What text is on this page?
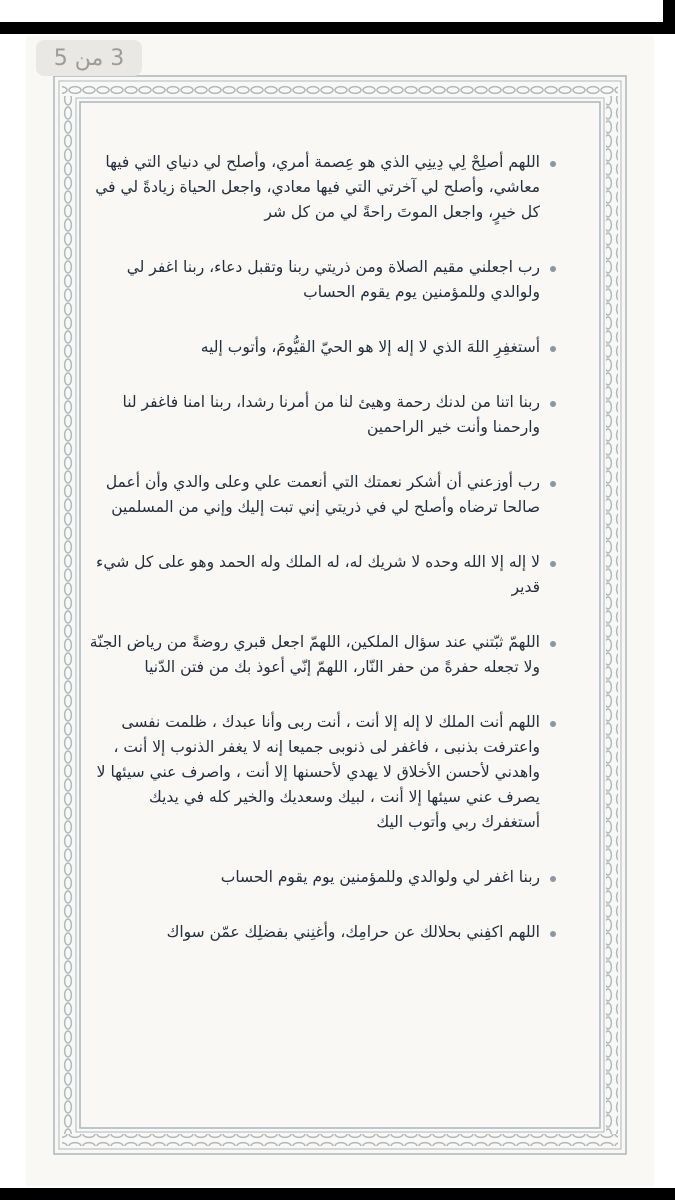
3 من 5
اللهم أصلِحْ لِي دِينِي الذي هو عِصمة أمري، وأصلح لي دنياي التي فيها معاشي، وأصلح لي آخرتي التي فيها معادي، واجعل الحياة زيادةً لي في كل خيرٍ، واجعل الموتَ راحةً لي من كل شر
رب اجعلني مقيم الصلاة ومن ذريتي ربنا وتقبل دعاء، ربنا اغفر لي ولوالدي وللمؤمنين يوم يقوم الحساب
أستغفِرِ اللهَ الذي لا إله إلا هو الحيّ القيُّومَ، وأتوب إليه
ربنا اتنا من لدنك رحمة وهيئ لنا من أمرنا رشدا، ربنا امنا فاغفر لنا وارحمنا وأنت خير الراحمين
رب أوزعني أن أشكر نعمتك التي أنعمت علي وعلى والدي وأن أعمل صالحا ترضاه وأصلح لي في ذريتي إني تبت إليك وإني من المسلمين
لا إله إلا الله وحده لا شريك له، له الملك وله الحمد وهو على كل شيء قدير
اللهمّ ثبّتني عند سؤال الملكين، اللهمّ اجعل قبري روضةً من رياض الجنّة ولا تجعله حفرةً من حفر النّار، اللهمّ إنّي أعوذ بك من فتن الدّنيا
اللهم أنت الملك لا إله إلا أنت ، أنت ربى وأنا عبدك ، ظلمت نفسى واعترفت بذنبى ، فاغفر لى ذنوبى جميعا إنه لا يغفر الذنوب إلا أنت ، واهدني لأحسن الأخلاق لا يهدي لأحسنها إلا أنت ، واصرف عني سيئها لا يصرف عني سيئها إلا أنت ، لبيك وسعديك والخير كله في يديك أستغفرك ربي وأتوب اليك
ربنا اغفر لي ولوالدي وللمؤمنين يوم يقوم الحساب
اللهم اكفِني بحلالك عن حرامِك، وأغنِني بفضلِك عمّن سواك
